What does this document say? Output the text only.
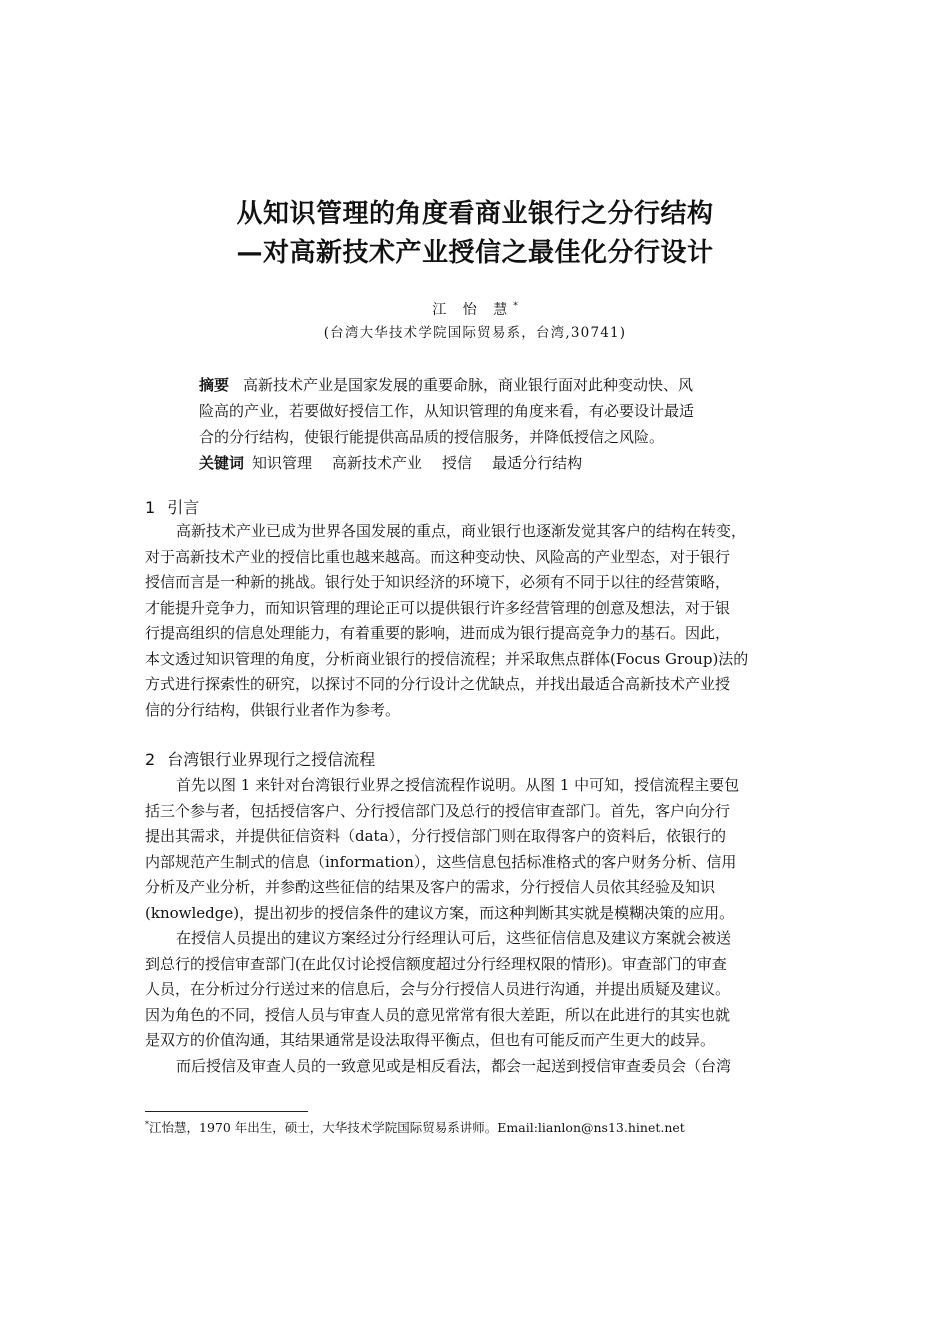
从知识管理的角度看商业银行之分行结构
—对高新技术产业授信之最佳化分行设计
江 怡 慧*
(台湾大华技术学院国际贸易系，台湾,30741)
摘要 高新技术产业是国家发展的重要命脉，商业银行面对此种变动快、风
险高的产业，若要做好授信工作，从知识管理的角度来看，有必要设计最适
合的分行结构，使银行能提供高品质的授信服务，并降低授信之风险。
关键词 知识管理 高新技术产业 授信 最适分行结构
1 引言
高新技术产业已成为世界各国发展的重点，商业银行也逐渐发觉其客户的结构在转变，
对于高新技术产业的授信比重也越来越高。而这种变动快、风险高的产业型态，对于银行
授信而言是一种新的挑战。银行处于知识经济的环境下，必须有不同于以往的经营策略，
才能提升竞争力，而知识管理的理论正可以提供银行许多经营管理的创意及想法，对于银
行提高组织的信息处理能力，有着重要的影响，进而成为银行提高竞争力的基石。因此，
本文透过知识管理的角度，分析商业银行的授信流程；并采取焦点群体(Focus Group)法的
方式进行探索性的研究，以探讨不同的分行设计之优缺点，并找出最适合高新技术产业授
信的分行结构，供银行业者作为参考。
2 台湾银行业界现行之授信流程
首先以图 1 来针对台湾银行业界之授信流程作说明。从图 1 中可知，授信流程主要包
括三个参与者，包括授信客户、分行授信部门及总行的授信审查部门。首先，客户向分行
提出其需求，并提供征信资料（data），分行授信部门则在取得客户的资料后，依银行的
内部规范产生制式的信息（information），这些信息包括标准格式的客户财务分析、信用
分析及产业分析，并参酌这些征信的结果及客户的需求，分行授信人员依其经验及知识
(knowledge)，提出初步的授信条件的建议方案，而这种判断其实就是模糊决策的应用。
在授信人员提出的建议方案经过分行经理认可后，这些征信信息及建议方案就会被送
到总行的授信审查部门(在此仅讨论授信额度超过分行经理权限的情形)。审查部门的审查
人员，在分析过分行送过来的信息后，会与分行授信人员进行沟通，并提出质疑及建议。
因为角色的不同，授信人员与审查人员的意见常常有很大差距，所以在此进行的其实也就
是双方的价值沟通，其结果通常是设法取得平衡点，但也有可能反而产生更大的歧异。
而后授信及审查人员的一致意见或是相反看法，都会一起送到授信审查委员会（台湾
*江怡慧，1970 年出生，硕士，大华技术学院国际贸易系讲师。Email:lianlon@ns13.hinet.net
